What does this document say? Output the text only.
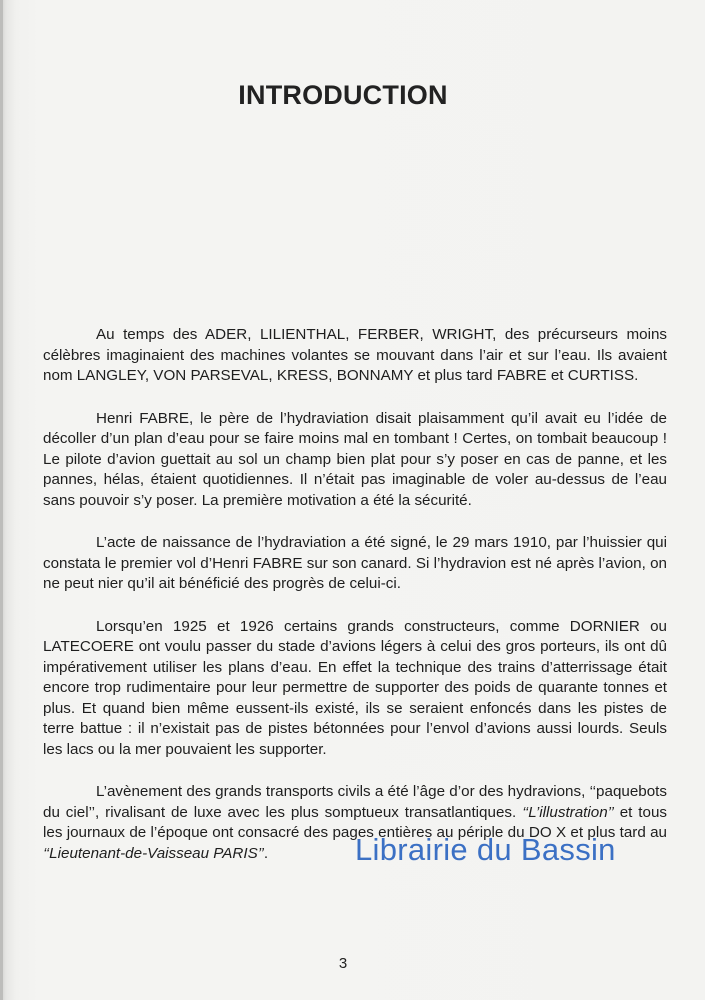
INTRODUCTION

Au temps des ADER, LILIENTHAL, FERBER, WRIGHT, des précurseurs moins célèbres imaginaient des machines volantes se mouvant dans l’air et sur l’eau. Ils avaient nom LANGLEY, VON PARSEVAL, KRESS, BONNAMY et plus tard FABRE et CURTISS.

Henri FABRE, le père de l’hydraviation disait plaisamment qu’il avait eu l’idée de décoller d’un plan d’eau pour se faire moins mal en tombant ! Certes, on tombait beaucoup ! Le pilote d’avion guettait au sol un champ bien plat pour s’y poser en cas de panne, et les pannes, hélas, étaient quotidiennes. Il n’était pas imaginable de voler au-dessus de l’eau sans pouvoir s’y poser. La première motivation a été la sécurité.

L’acte de naissance de l’hydraviation a été signé, le 29 mars 1910, par l’huissier qui constata le premier vol d’Henri FABRE sur son canard. Si l’hydravion est né après l’avion, on ne peut nier qu’il ait bénéficié des progrès de celui-ci.

Lorsqu’en 1925 et 1926 certains grands constructeurs, comme DORNIER ou LATECOERE ont voulu passer du stade d’avions légers à celui des gros porteurs, ils ont dû impérativement utiliser les plans d’eau. En effet la technique des trains d’atterrissage était encore trop rudimentaire pour leur permettre de supporter des poids de quarante tonnes et plus. Et quand bien même eussent-ils existé, ils se seraient enfoncés dans les pistes de terre battue : il n’existait pas de pistes bétonnées pour l’envol d’avions aussi lourds. Seuls les lacs ou la mer pouvaient les supporter.

L’avènement des grands transports civils a été l’âge d’or des hydravions, ‘‘paquebots du ciel’’, rivalisant de luxe avec les plus somptueux transatlantiques. ‘‘L’illustration’’ et tous les journaux de l’époque ont consacré des pages entières au périple du DO X et plus tard au ‘‘Lieutenant-de-Vaisseau PARIS’’.	Librairie du Bassin
3
